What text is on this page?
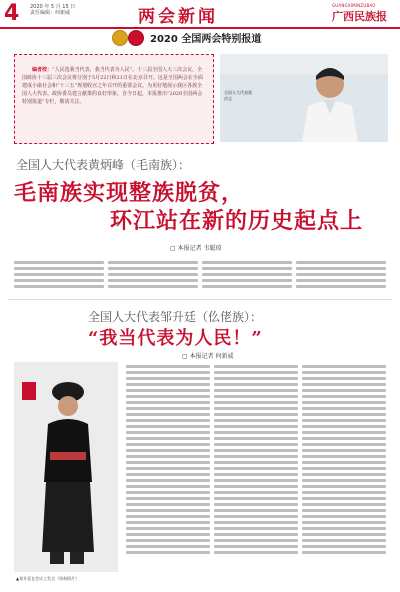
4 2020 年 5 月 15 日
责任编辑：何新威	两会新闻
GUANGXIMINZUBAO
广西民族报
2020 全国两会特别报道
编者按：“人民选我当代表，我当代表为人民”。十三届全国人大三次会议、全国政协十三届三次会议将分别于5月22日和21日在北京召开。这是全国两会在全面建成小康社会和“十三五”规划收官之年召开的重要会议。为更好地展示我区各族全国人大代表、政协委员建言献策的良好形象，自今日起，本报推出“2020全国两会特别报道”专栏，敬请关注。
全国人大代表梁庆宝
全国人大代表黄炳峰（毛南族）：
毛南族实现整族脱贫，
环江站在新的历史起点上
▢ 本报记者 韦聪琼
全国人大代表邹升廷（仫佬族）：
“我当代表为人民！”
▢ 本报记者 何新威
▲邹升廷在会议上发言（资料图片）
